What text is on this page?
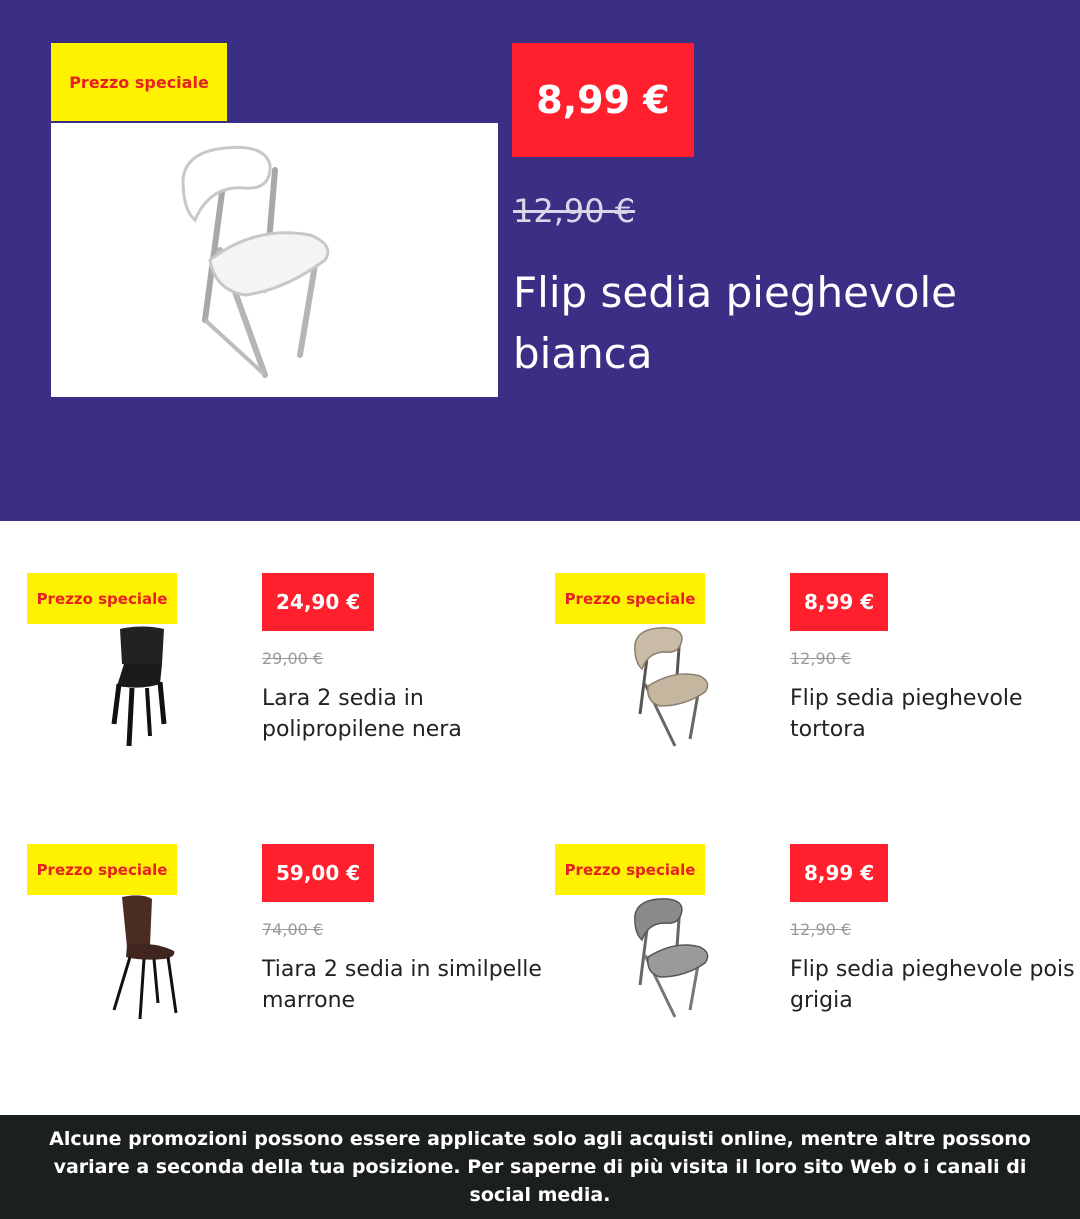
Prezzo speciale	8,99 €
12,90 €
Flip sedia pieghevole bianca
Prezzo speciale	24,90 €
29,00 €
Lara 2 sedia in polipropilene nera
Prezzo speciale	8,99 €
12,90 €
Flip sedia pieghevole tortora
Prezzo speciale	59,00 €
74,00 €
Tiara 2 sedia in similpelle marrone
Prezzo speciale	8,99 €
12,90 €
Flip sedia pieghevole pois grigia

Alcune promozioni possono essere applicate solo agli acquisti online, mentre altre possono variare a seconda della tua posizione. Per saperne di più visita il loro sito Web o i canali di social media.
